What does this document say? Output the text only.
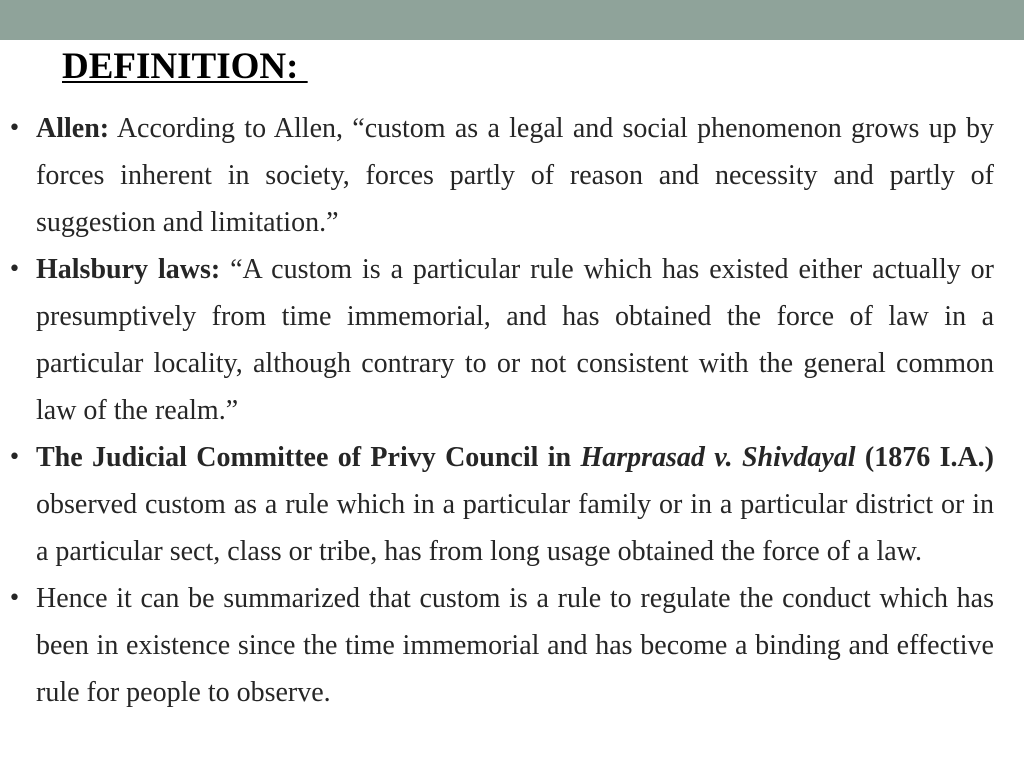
DEFINITION:
• Allen: According to Allen, “custom as a legal and social phenomenon grows up by forces inherent in society, forces partly of reason and necessity and partly of suggestion and limitation.”
• Halsbury laws: “A custom is a particular rule which has existed either actually or presumptively from time immemorial, and has obtained the force of law in a particular locality, although contrary to or not consistent with the general common law of the realm.”
• The Judicial Committee of Privy Council in Harprasad v. Shivdayal (1876 I.A.) observed custom as a rule which in a particular family or in a particular district or in a particular sect, class or tribe, has from long usage obtained the force of a law.
• Hence it can be summarized that custom is a rule to regulate the conduct which has been in existence since the time immemorial and has become a binding and effective rule for people to observe.
